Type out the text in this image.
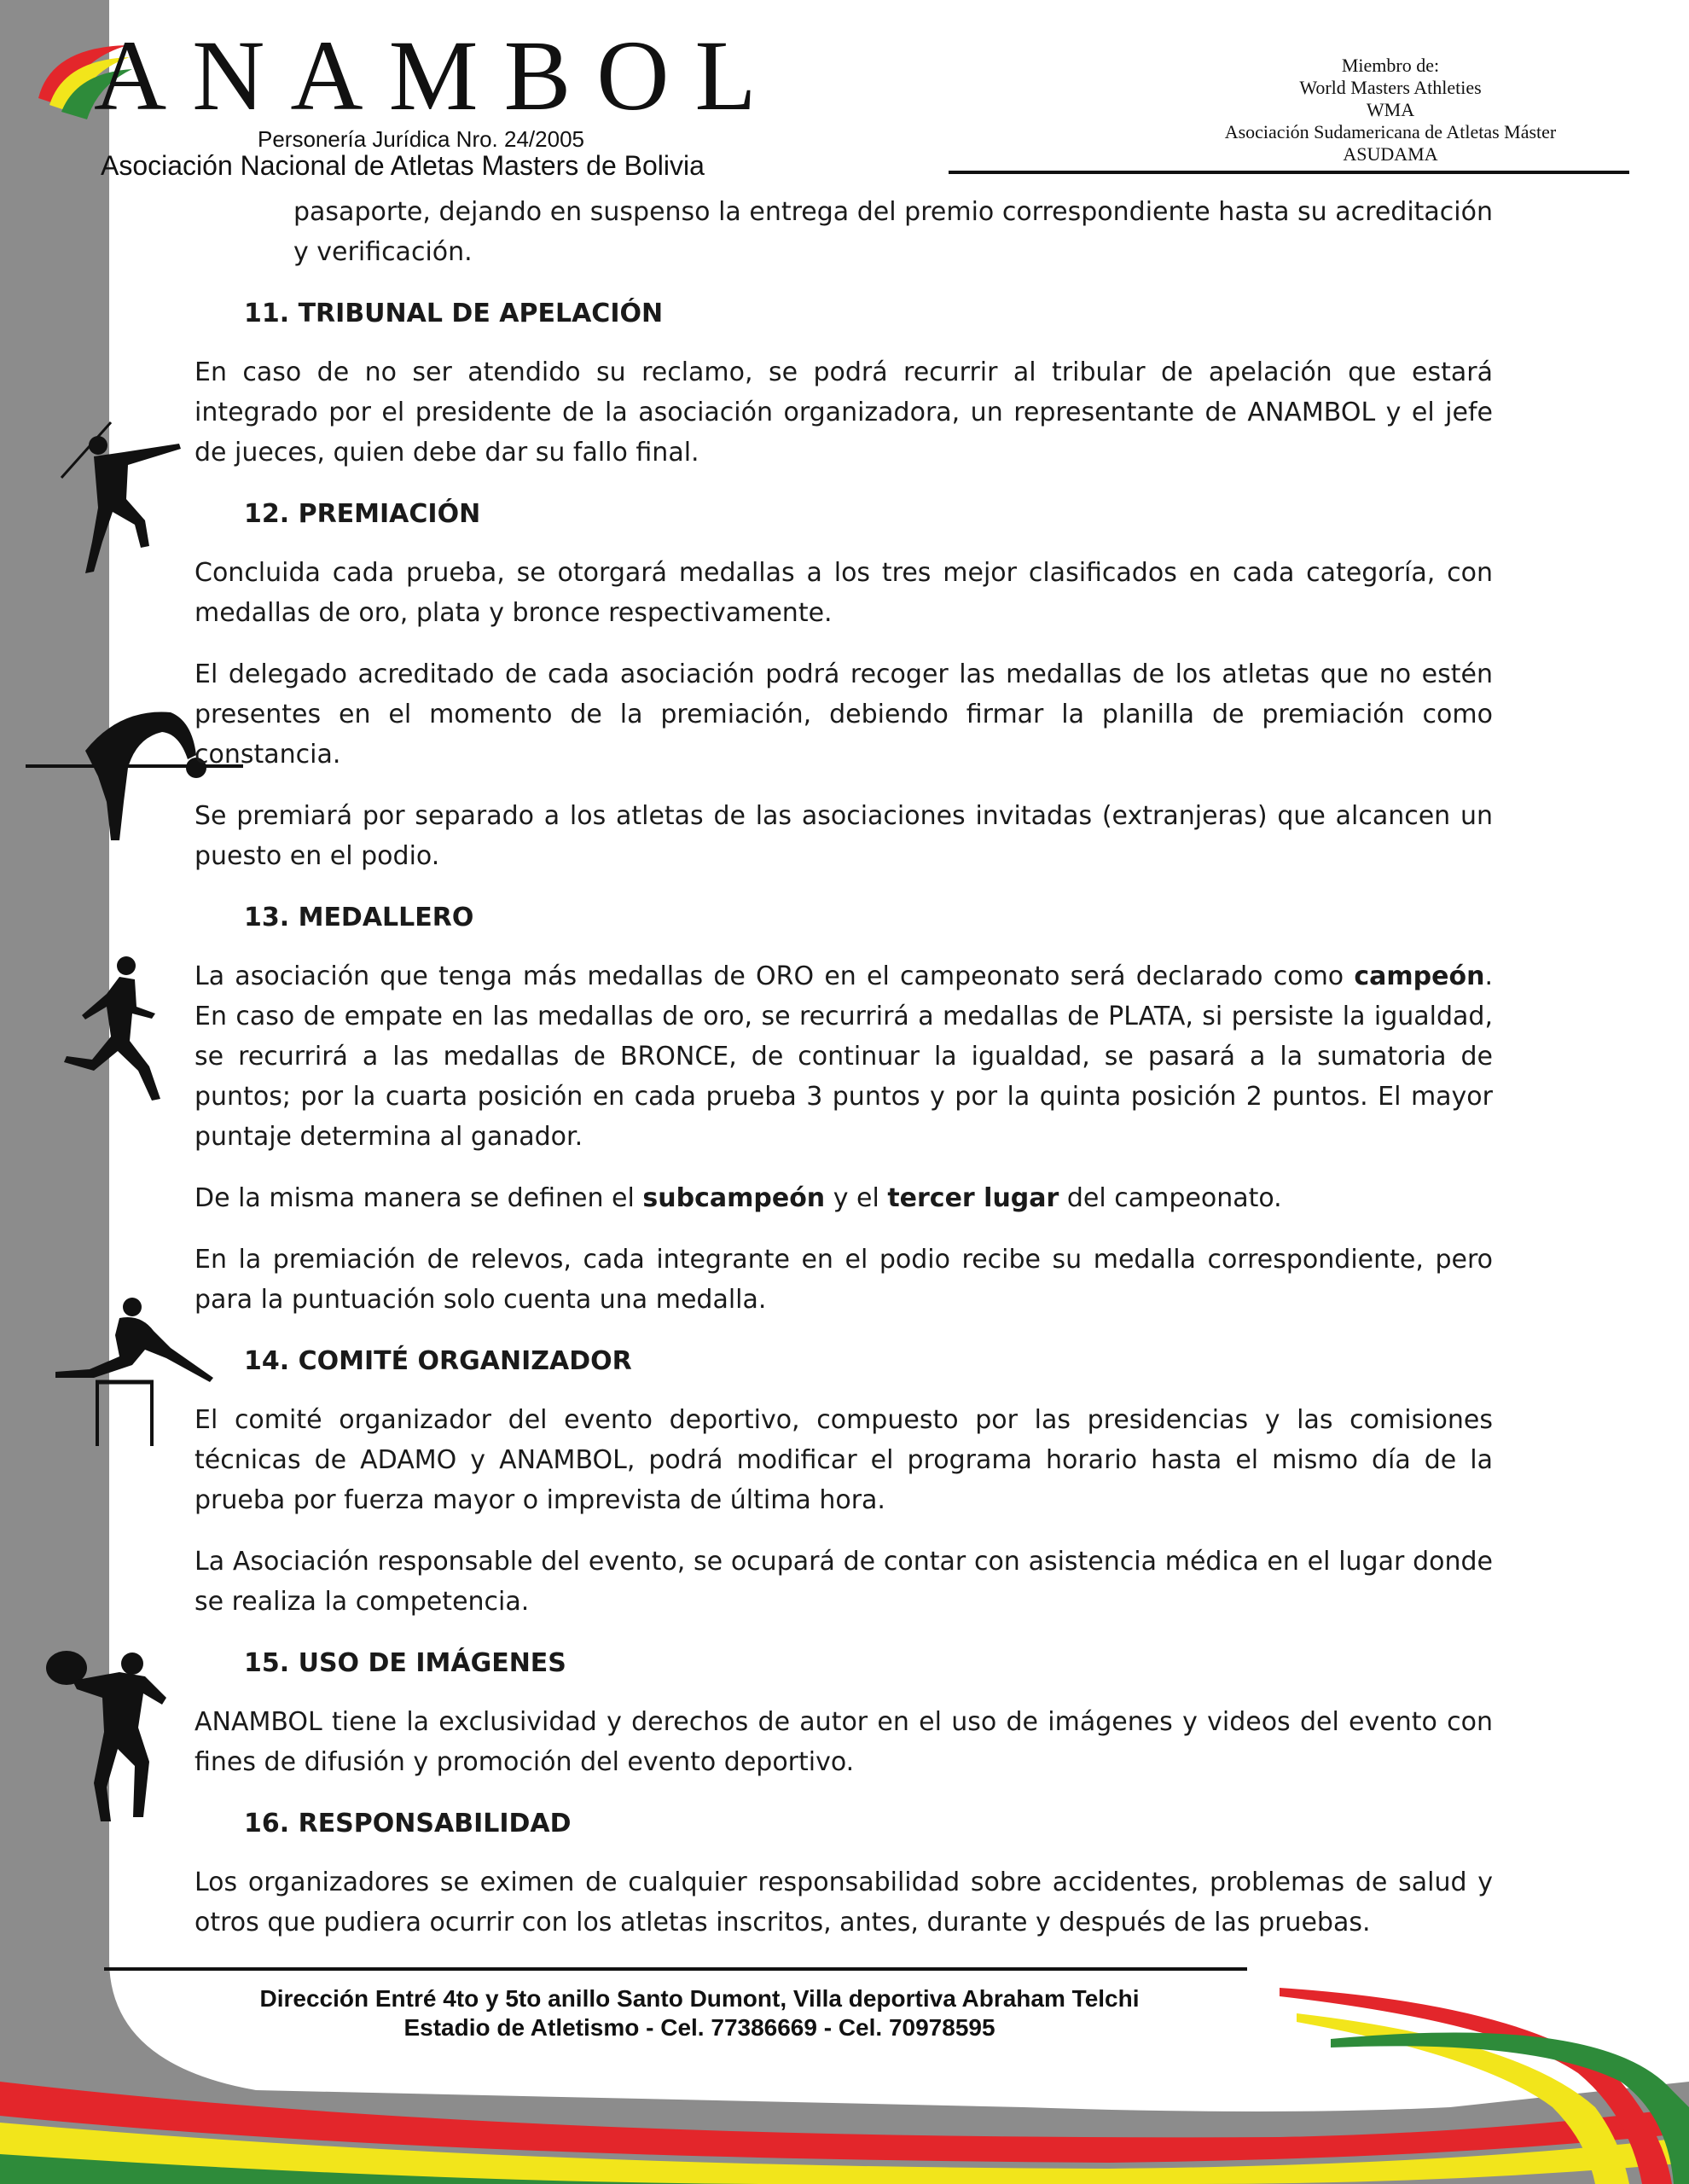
ANAMBOL
Personería Jurídica Nro. 24/2005
Asociación Nacional de Atletas Masters de Bolivia
Miembro de:
World Masters Athleties
WMA
Asociación Sudamericana de Atletas Máster
ASUDAMA

pasaporte, dejando en suspenso la entrega del premio correspondiente hasta su acreditación y verificación.

11. TRIBUNAL DE APELACIÓN

En caso de no ser atendido su reclamo, se podrá recurrir al tribular de apelación que estará integrado por el presidente de la asociación organizadora, un representante de ANAMBOL y el jefe de jueces, quien debe dar su fallo final.

12. PREMIACIÓN

Concluida cada prueba, se otorgará medallas a los tres mejor clasificados en cada categoría, con medallas de oro, plata y bronce respectivamente.

El delegado acreditado de cada asociación podrá recoger las medallas de los atletas que no estén presentes en el momento de la premiación, debiendo firmar la planilla de premiación como constancia.

Se premiará por separado a los atletas de las asociaciones invitadas (extranjeras) que alcancen un puesto en el podio.

13. MEDALLERO

La asociación que tenga más medallas de ORO en el campeonato será declarado como campeón. En caso de empate en las medallas de oro, se recurrirá a medallas de PLATA, si persiste la igualdad, se recurrirá a las medallas de BRONCE, de continuar la igualdad, se pasará a la sumatoria de puntos; por la cuarta posición en cada prueba 3 puntos y por la quinta posición 2 puntos. El mayor puntaje determina al ganador.

De la misma manera se definen el subcampeón y el tercer lugar del campeonato.

En la premiación de relevos, cada integrante en el podio recibe su medalla correspondiente, pero para la puntuación solo cuenta una medalla.

14. COMITÉ ORGANIZADOR

El comité organizador del evento deportivo, compuesto por las presidencias y las comisiones técnicas de ADAMO y ANAMBOL, podrá modificar el programa horario hasta el mismo día de la prueba por fuerza mayor o imprevista de última hora.

La Asociación responsable del evento, se ocupará de contar con asistencia médica en el lugar donde se realiza la competencia.

15. USO DE IMÁGENES

ANAMBOL tiene la exclusividad y derechos de autor en el uso de imágenes y videos del evento con fines de difusión y promoción del evento deportivo.

16. RESPONSABILIDAD

Los organizadores se eximen de cualquier responsabilidad sobre accidentes, problemas de salud y otros que pudiera ocurrir con los atletas inscritos, antes, durante y después de las pruebas.

Dirección Entré 4to y 5to anillo Santo Dumont, Villa deportiva Abraham Telchi
Estadio de Atletismo - Cel. 77386669 - Cel. 70978595
